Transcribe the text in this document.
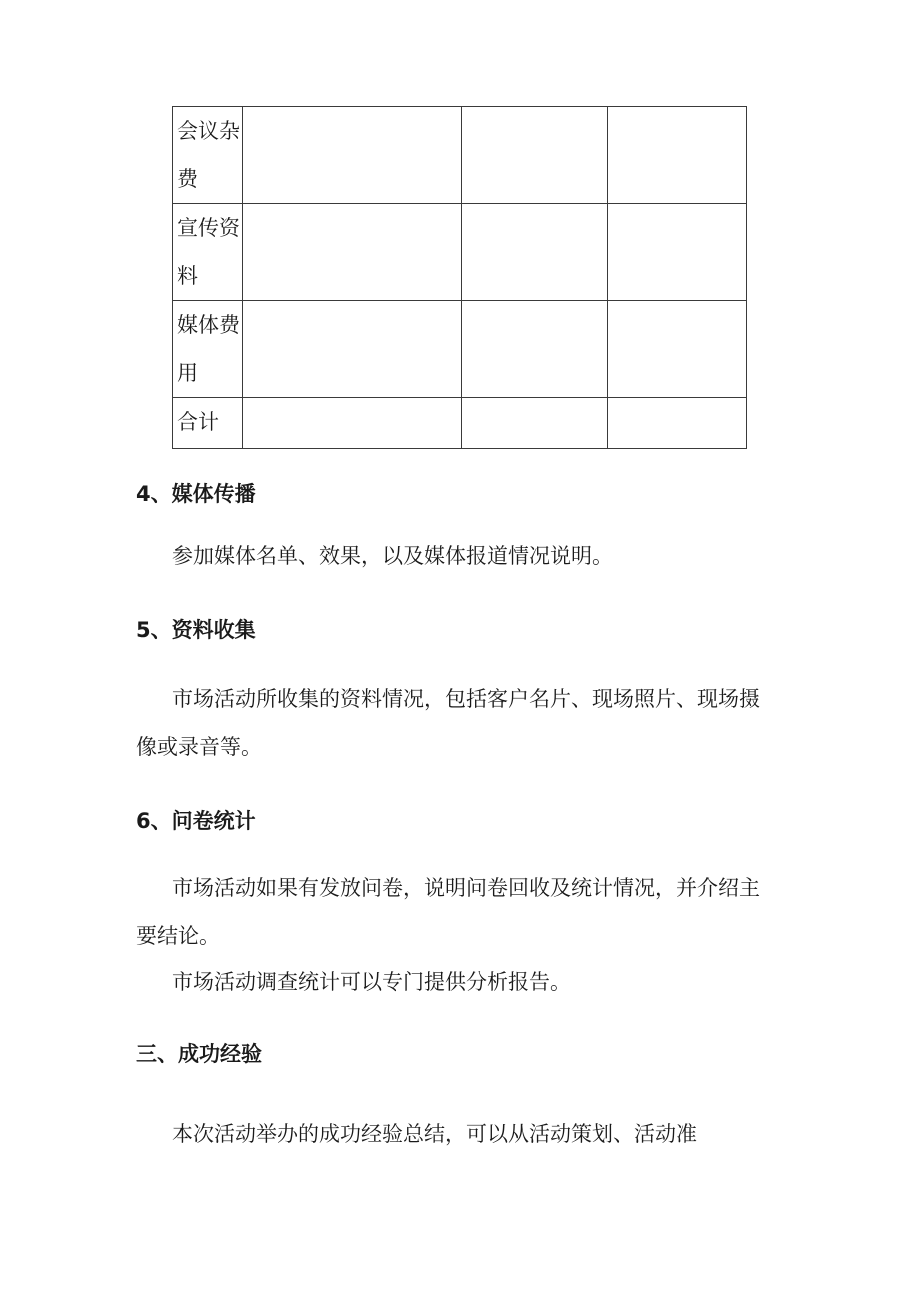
会议杂费			
宣传资料			
媒体费用			
合计			
4、媒体传播

参加媒体名单、效果，以及媒体报道情况说明。

5、资料收集

市场活动所收集的资料情况，包括客户名片、现场照片、现场摄像或录音等。

6、问卷统计

市场活动如果有发放问卷，说明问卷回收及统计情况，并介绍主要结论。

市场活动调查统计可以专门提供分析报告。

三、成功经验

本次活动举办的成功经验总结，可以从活动策划、活动准
